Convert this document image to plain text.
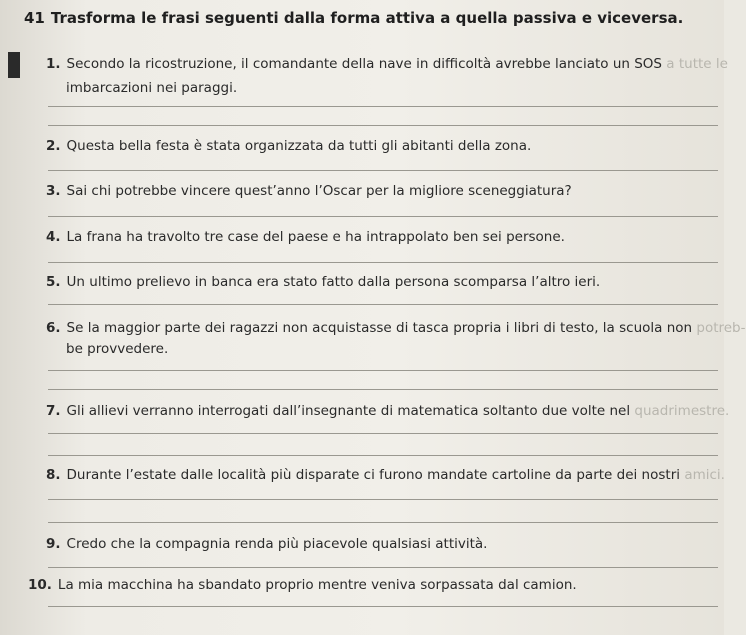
41 Trasforma le frasi seguenti dalla forma attiva a quella passiva e viceversa.
1. Secondo la ricostruzione, il comandante della nave in difficoltà avrebbe lanciato un SOS a tutte le
imbarcazioni nei paraggi.
2. Questa bella festa è stata organizzata da tutti gli abitanti della zona.
3. Sai chi potrebbe vincere quest’anno l’Oscar per la migliore sceneggiatura?
4. La frana ha travolto tre case del paese e ha intrappolato ben sei persone.
5. Un ultimo prelievo in banca era stato fatto dalla persona scomparsa l’altro ieri.
6. Se la maggior parte dei ragazzi non acquistasse di tasca propria i libri di testo, la scuola non potreb-
be provvedere.
7. Gli allievi verranno interrogati dall’insegnante di matematica soltanto due volte nel quadrimestre.
8. Durante l’estate dalle località più disparate ci furono mandate cartoline da parte dei nostri amici.
9. Credo che la compagnia renda più piacevole qualsiasi attività.
10. La mia macchina ha sbandato proprio mentre veniva sorpassata dal camion.
